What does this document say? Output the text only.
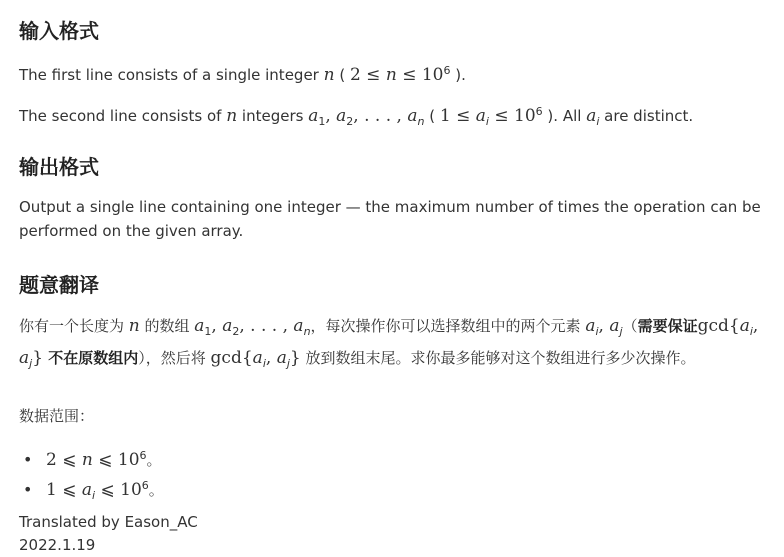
输入格式
The first line consists of a single integer n ( $2 \le n \le 10^6$ ).
The second line consists of n integers $a_1$, $a_2$, . . . , $a_n$ ( $1 \le a_i \le 10^6$ ). All $a_i$ are distinct.
输出格式
Output a single line containing one integer — the maximum number of times the operation can be performed on the given array.
题意翻译
你有一个长度为 n 的数组 $a_1$, $a_2$, . . . , $a_n$，每次操作你可以选择数组中的两个元素 $a_i$, $a_j$（需要保证$\gcd\{a_i$, $a_j$} 不在原数组内），然后将 $\gcd\{a_i$, $a_j$} 放到数组末尾。求你最多能够对这个数组进行多少次操作。
数据范围：
• 2 ⩽ n ⩽ $10^6$。
• 1 ⩽ $a_i$ ⩽ $10^6$。
Translated by Eason_AC
2022.1.19
